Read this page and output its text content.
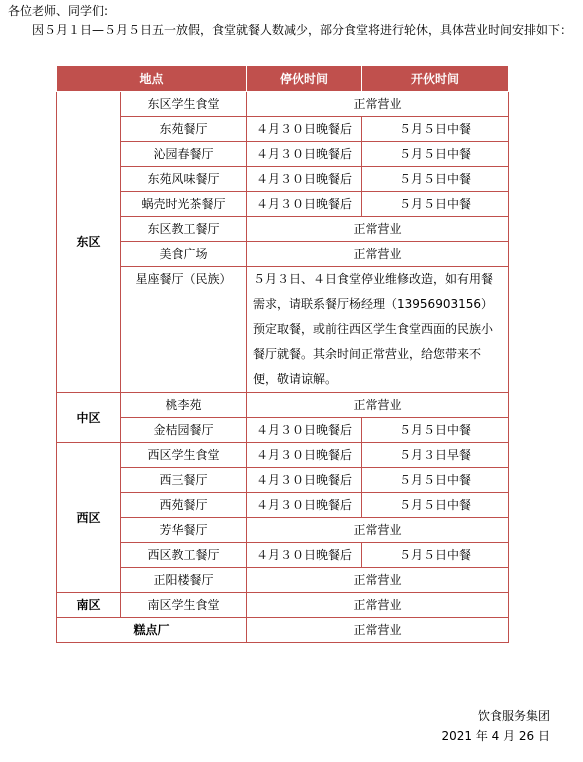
各位老师、同学们:
因５月１日—５月５日五一放假，食堂就餐人数减少，部分食堂将进行轮休，具体营业时间安排如下：
地点		停伙时间	开伙时间
东区	东区学生食堂	正常营业	
	东苑餐厅	４月３０日晚餐后	５月５日中餐
	沁园春餐厅	４月３０日晚餐后	５月５日中餐
	东苑风味餐厅	４月３０日晚餐后	５月５日中餐
	蜗壳时光茶餐厅	４月３０日晚餐后	５月５日中餐
	东区教工餐厅	正常营业	
	美食广场	正常营业	
	星座餐厅（民族）	５月３日、４日食堂停业维修改造，如有用餐需求，请联系餐厅杨经理（13956903156）预定取餐，或前往西区学生食堂西面的民族小餐厅就餐。其余时间正常营业，给您带来不便，敬请谅解。	
中区	桃李苑	正常营业	
	金桔园餐厅	４月３０日晚餐后	５月５日中餐
西区	西区学生食堂	４月３０日晚餐后	５月３日早餐
	西三餐厅	４月３０日晚餐后	５月５日中餐
	西苑餐厅	４月３０日晚餐后	５月５日中餐
	芳华餐厅	正常营业	
	西区教工餐厅	４月３０日晚餐后	５月５日中餐
	正阳楼餐厅	正常营业	
南区	南区学生食堂	正常营业	
糕点厂		正常营业	
饮食服务集团
2021 年 4 月 26 日
